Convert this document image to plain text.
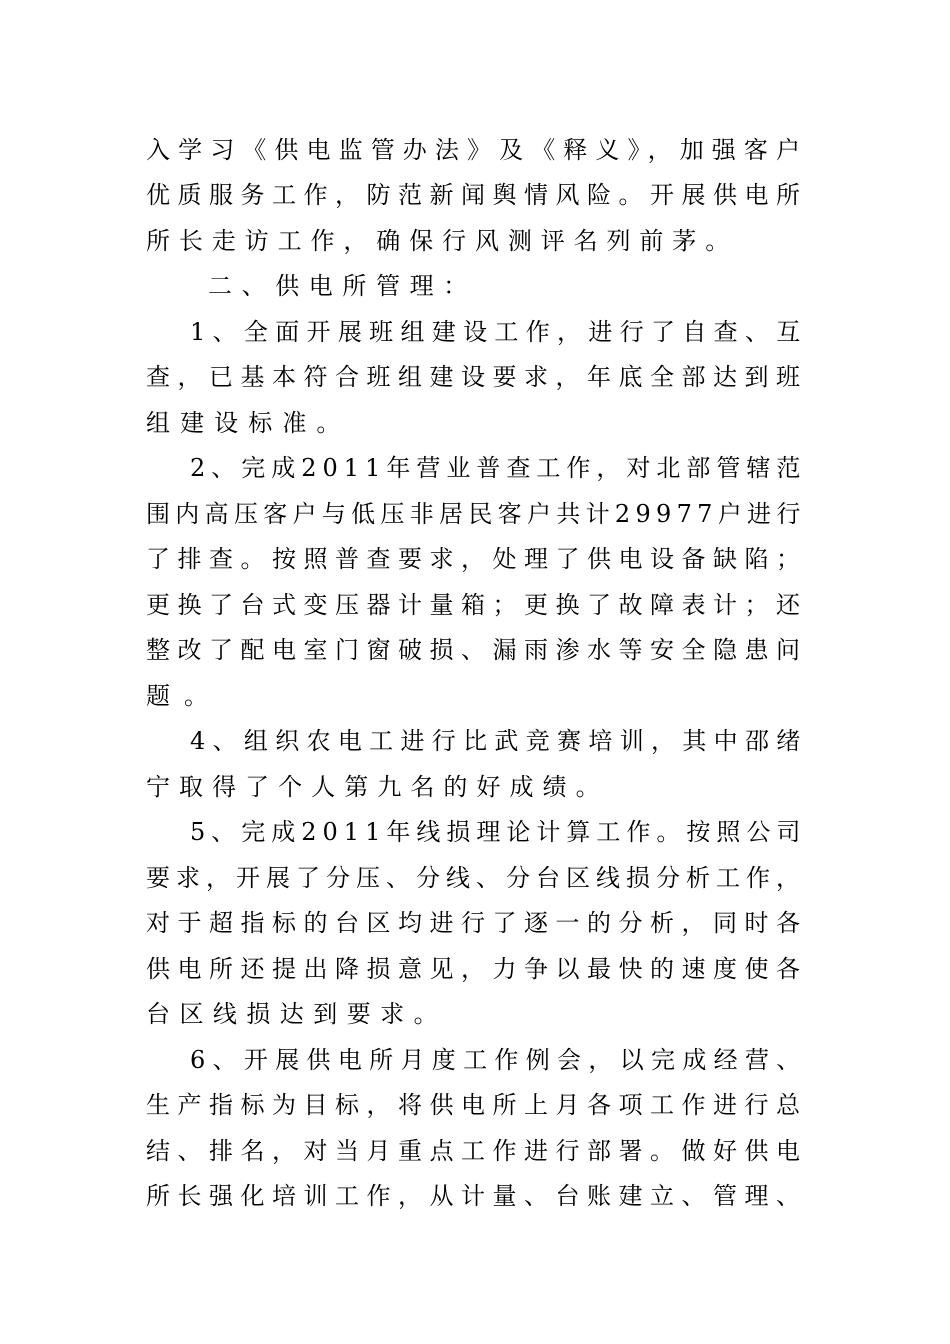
入学习《供电监管办法》及《释义》，加强客户
优质服务工作，防范新闻舆情风险。开展供电所
所长走访工作，确保行风测评名列前茅。
二、供电所管理：
1、全面开展班组建设工作，进行了自查、互
查，已基本符合班组建设要求，年底全部达到班
组建设标准。
2、完成2011年营业普查工作，对北部管辖范
围内高压客户与低压非居民客户共计29977户进行
了排查。按照普查要求，处理了供电设备缺陷；
更换了台式变压器计量箱；更换了故障表计；还
整改了配电室门窗破损、漏雨渗水等安全隐患问
题。
4、组织农电工进行比武竞赛培训，其中邵绪
宁取得了个人第九名的好成绩。
5、完成2011年线损理论计算工作。按照公司
要求，开展了分压、分线、分台区线损分析工作，
对于超指标的台区均进行了逐一的分析，同时各
供电所还提出降损意见，力争以最快的速度使各
台区线损达到要求。
6、开展供电所月度工作例会，以完成经营、
生产指标为目标，将供电所上月各项工作进行总
结、排名，对当月重点工作进行部署。做好供电
所长强化培训工作，从计量、台账建立、管理、
